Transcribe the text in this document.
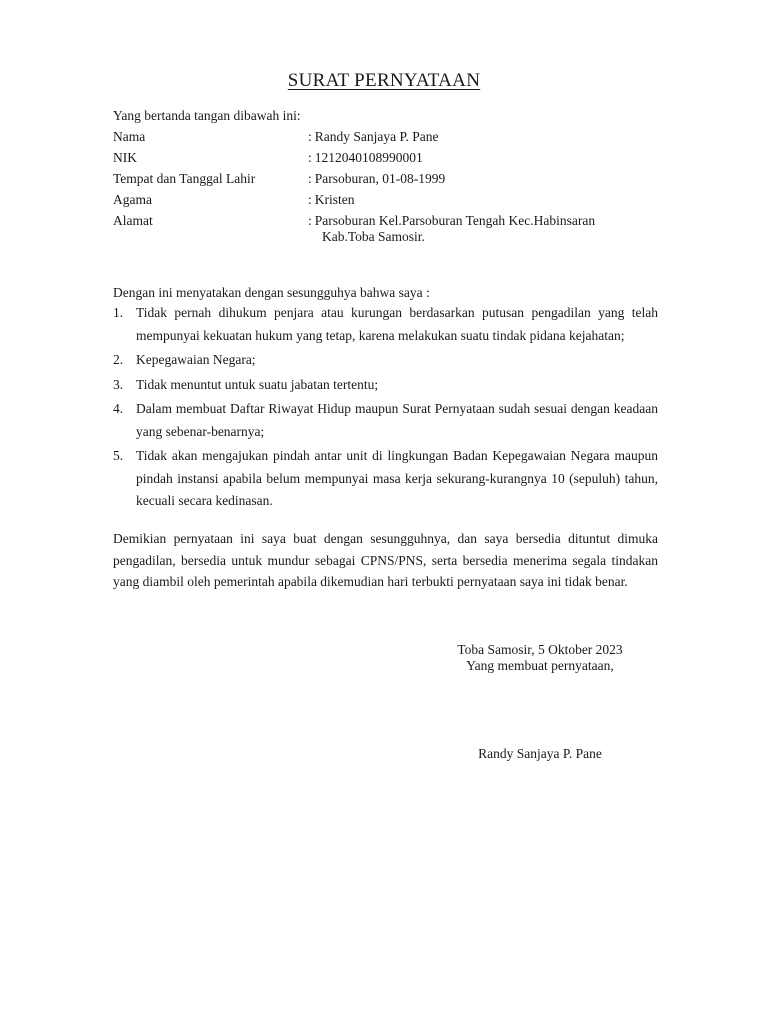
SURAT PERNYATAAN
Yang bertanda tangan dibawah ini:
Nama	: Randy Sanjaya P. Pane
NIK	: 1212040108990001
Tempat dan Tanggal Lahir	: Parsoburan, 01-08-1999
Agama	: Kristen
Alamat	: Parsoburan Kel.Parsoburan Tengah Kec.Habinsaran
Kab.Toba Samosir.
Dengan ini menyatakan dengan sesungguhya bahwa saya :
1. Tidak pernah dihukum penjara atau kurungan berdasarkan putusan pengadilan yang telah mempunyai kekuatan hukum yang tetap, karena melakukan suatu tindak pidana kejahatan;
2. Kepegawaian Negara;
3. Tidak menuntut untuk suatu jabatan tertentu;
4. Dalam membuat Daftar Riwayat Hidup maupun Surat Pernyataan sudah sesuai dengan keadaan yang sebenar-benarnya;
5. Tidak akan mengajukan pindah antar unit di lingkungan Badan Kepegawaian Negara maupun pindah instansi apabila belum mempunyai masa kerja sekurang-kurangnya 10 (sepuluh) tahun, kecuali secara kedinasan.
Demikian pernyataan ini saya buat dengan sesungguhnya, dan saya bersedia dituntut dimuka pengadilan, bersedia untuk mundur sebagai CPNS/PNS, serta bersedia menerima segala tindakan yang diambil oleh pemerintah apabila dikemudian hari terbukti pernyataan saya ini tidak benar.
Toba Samosir, 5 Oktober 2023
Yang membuat pernyataan,
Randy Sanjaya P. Pane
